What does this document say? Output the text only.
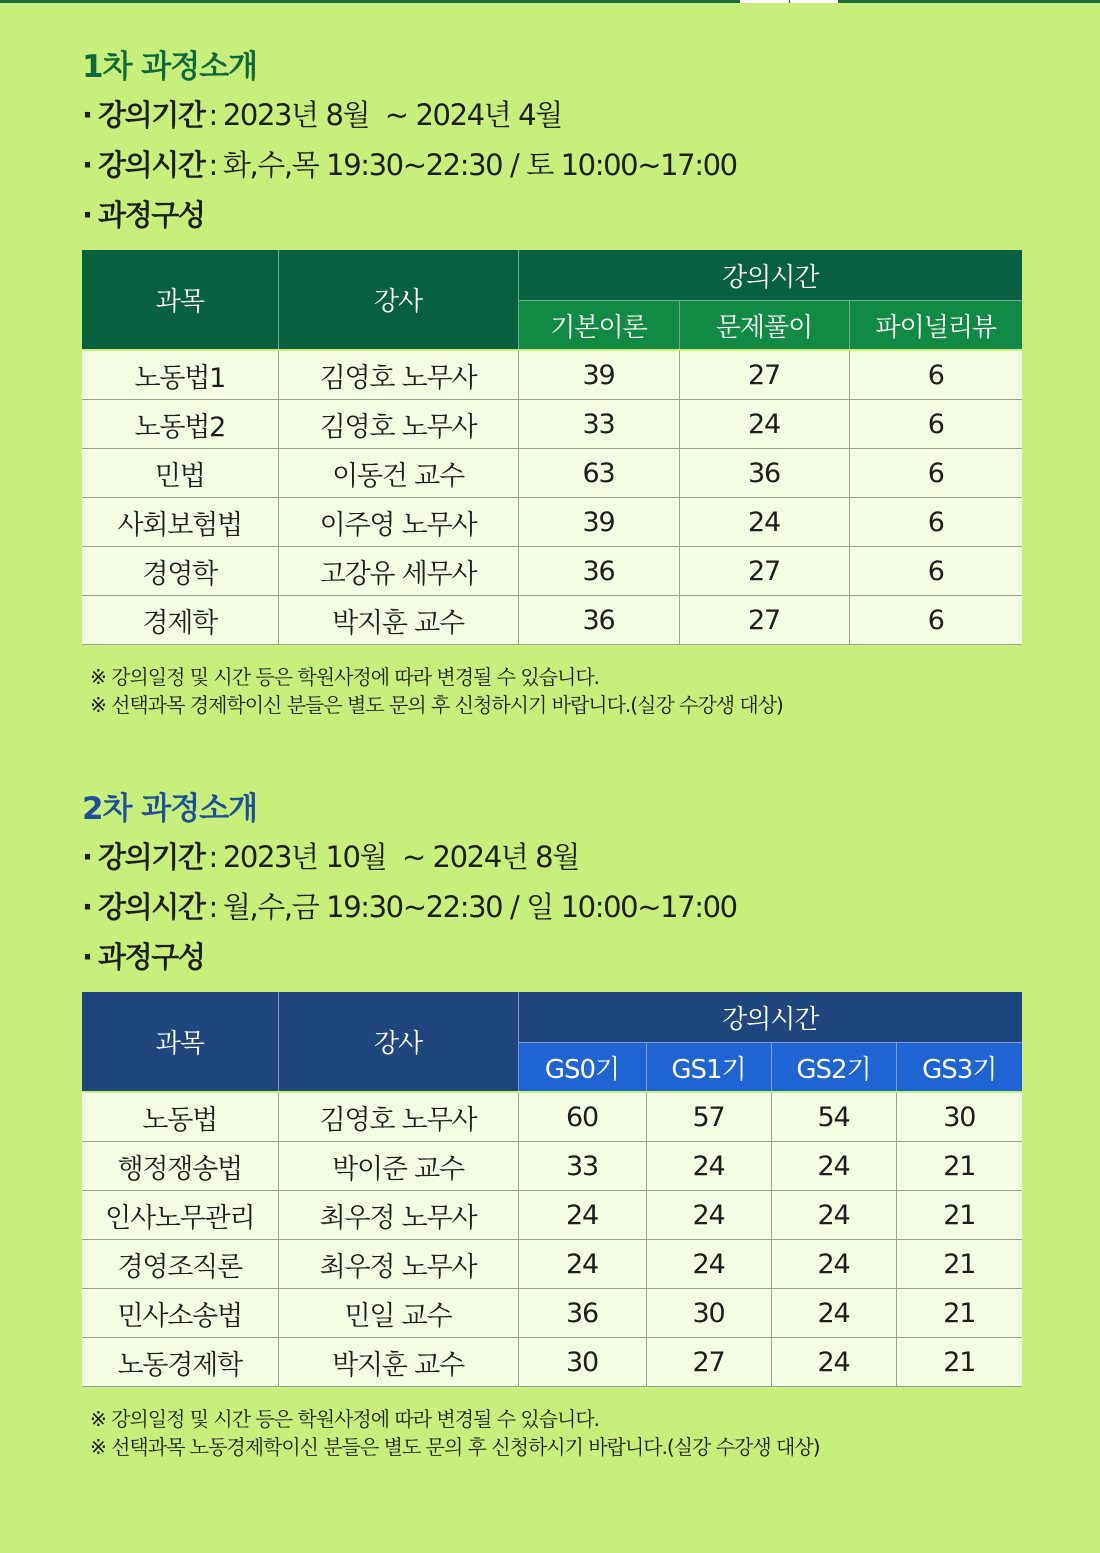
1차 과정소개
· 강의기간 : 2023년 8월  ~ 2024년 4월
· 강의시간 : 화,수,목 19:30~22:30 / 토 10:00~17:00
· 과정구성
과목	강사	강의시간		
		기본이론	문제풀이	파이널리뷰

노동법1	김영호 노무사	39	27	6
노동법2	김영호 노무사	33	24	6
민법	이동건 교수	63	36	6
사회보험법	이주영 노무사	39	24	6
경영학	고강유 세무사	36	27	6
경제학	박지훈 교수	36	27	6
※ 강의일정 및 시간 등은 학원사정에 따라 변경될 수 있습니다.
※ 선택과목 경제학이신 분들은 별도 문의 후 신청하시기 바랍니다.(실강 수강생 대상)
2차 과정소개
· 강의기간 : 2023년 10월  ~ 2024년 8월
· 강의시간 : 월,수,금 19:30~22:30 / 일 10:00~17:00
· 과정구성
과목	강사	강의시간			
		GS0기	GS1기	GS2기	GS3기

노동법	김영호 노무사	60	57	54	30
행정쟁송법	박이준 교수	33	24	24	21
인사노무관리	최우정 노무사	24	24	24	21
경영조직론	최우정 노무사	24	24	24	21
민사소송법	민일 교수	36	30	24	21
노동경제학	박지훈 교수	30	27	24	21
※ 강의일정 및 시간 등은 학원사정에 따라 변경될 수 있습니다.
※ 선택과목 노동경제학이신 분들은 별도 문의 후 신청하시기 바랍니다.(실강 수강생 대상)
